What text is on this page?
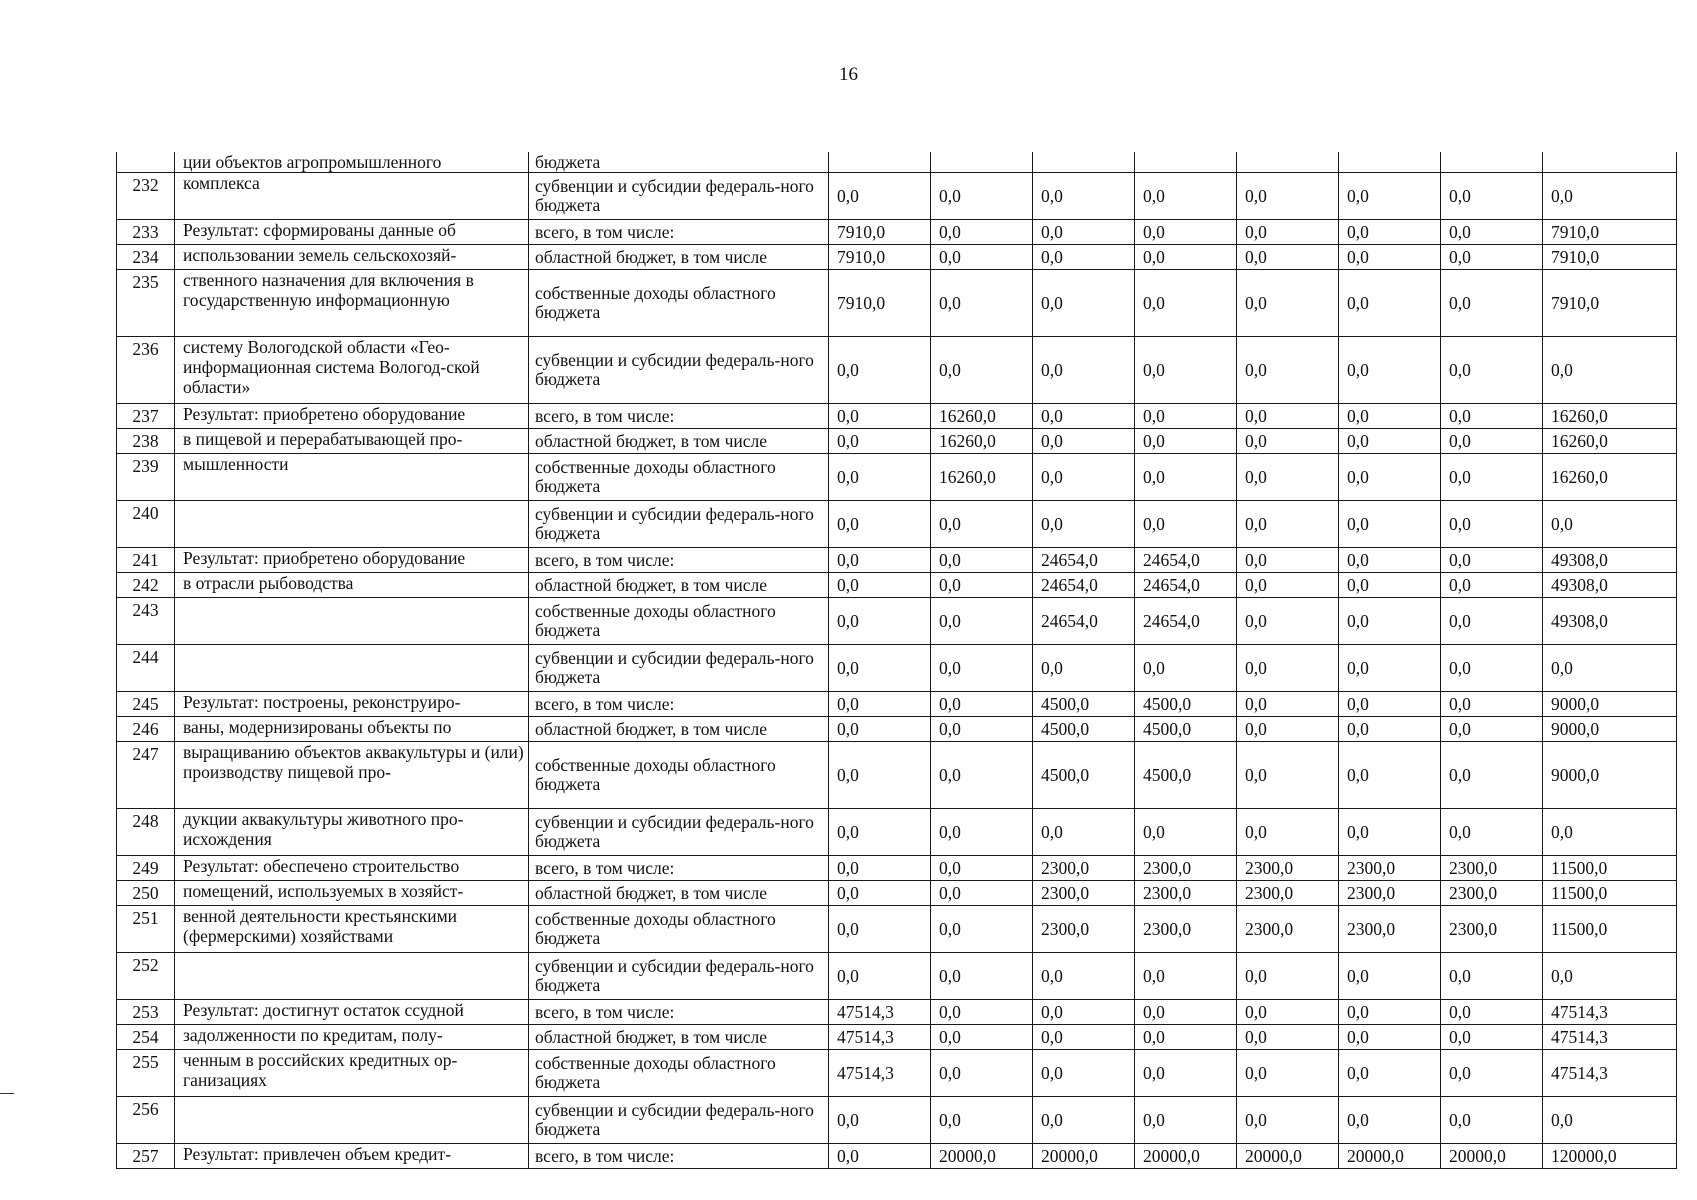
16
	ции объектов агропромышленного	бюджета								
232	комплекса	субвенции и субсидии федераль-ного бюджета	0,0	0,0	0,0	0,0	0,0	0,0	0,0	0,0
233	Результат: сформированы данные об	всего, в том числе:	7910,0	0,0	0,0	0,0	0,0	0,0	0,0	7910,0
234	использовании земель сельскохозяй-	областной бюджет, в том числе	7910,0	0,0	0,0	0,0	0,0	0,0	0,0	7910,0
235	ственного назначения для включения в государственную информационную	собственные доходы областного бюджета	7910,0	0,0	0,0	0,0	0,0	0,0	0,0	7910,0
236	систему Вологодской области «Гео-информационная система Вологод-ской области»	субвенции и субсидии федераль-ного бюджета	0,0	0,0	0,0	0,0	0,0	0,0	0,0	0,0
237	Результат: приобретено оборудование	всего, в том числе:	0,0	16260,0	0,0	0,0	0,0	0,0	0,0	16260,0
238	в пищевой и перерабатывающей про-	областной бюджет, в том числе	0,0	16260,0	0,0	0,0	0,0	0,0	0,0	16260,0
239	мышленности	собственные доходы областного бюджета	0,0	16260,0	0,0	0,0	0,0	0,0	0,0	16260,0
240		субвенции и субсидии федераль-ного бюджета	0,0	0,0	0,0	0,0	0,0	0,0	0,0	0,0
241	Результат: приобретено оборудование	всего, в том числе:	0,0	0,0	24654,0	24654,0	0,0	0,0	0,0	49308,0
242	в отрасли рыбоводства	областной бюджет, в том числе	0,0	0,0	24654,0	24654,0	0,0	0,0	0,0	49308,0
243		собственные доходы областного бюджета	0,0	0,0	24654,0	24654,0	0,0	0,0	0,0	49308,0
244		субвенции и субсидии федераль-ного бюджета	0,0	0,0	0,0	0,0	0,0	0,0	0,0	0,0
245	Результат: построены, реконструиро-	всего, в том числе:	0,0	0,0	4500,0	4500,0	0,0	0,0	0,0	9000,0
246	ваны, модернизированы объекты по	областной бюджет, в том числе	0,0	0,0	4500,0	4500,0	0,0	0,0	0,0	9000,0
247	выращиванию объектов аквакультуры и (или) производству пищевой про-	собственные доходы областного бюджета	0,0	0,0	4500,0	4500,0	0,0	0,0	0,0	9000,0
248	дукции аквакультуры животного про-исхождения	субвенции и субсидии федераль-ного бюджета	0,0	0,0	0,0	0,0	0,0	0,0	0,0	0,0
249	Результат: обеспечено строительство	всего, в том числе:	0,0	0,0	2300,0	2300,0	2300,0	2300,0	2300,0	11500,0
250	помещений, используемых в хозяйст-	областной бюджет, в том числе	0,0	0,0	2300,0	2300,0	2300,0	2300,0	2300,0	11500,0
251	венной деятельности крестьянскими (фермерскими) хозяйствами	собственные доходы областного бюджета	0,0	0,0	2300,0	2300,0	2300,0	2300,0	2300,0	11500,0
252		субвенции и субсидии федераль-ного бюджета	0,0	0,0	0,0	0,0	0,0	0,0	0,0	0,0
253	Результат: достигнут остаток ссудной	всего, в том числе:	47514,3	0,0	0,0	0,0	0,0	0,0	0,0	47514,3
254	задолженности по кредитам, полу-	областной бюджет, в том числе	47514,3	0,0	0,0	0,0	0,0	0,0	0,0	47514,3
255	ченным в российских кредитных ор-ганизациях	собственные доходы областного бюджета	47514,3	0,0	0,0	0,0	0,0	0,0	0,0	47514,3
256		субвенции и субсидии федераль-ного бюджета	0,0	0,0	0,0	0,0	0,0	0,0	0,0	0,0
257	Результат: привлечен объем кредит-	всего, в том числе:	0,0	20000,0	20000,0	20000,0	20000,0	20000,0	20000,0	120000,0
